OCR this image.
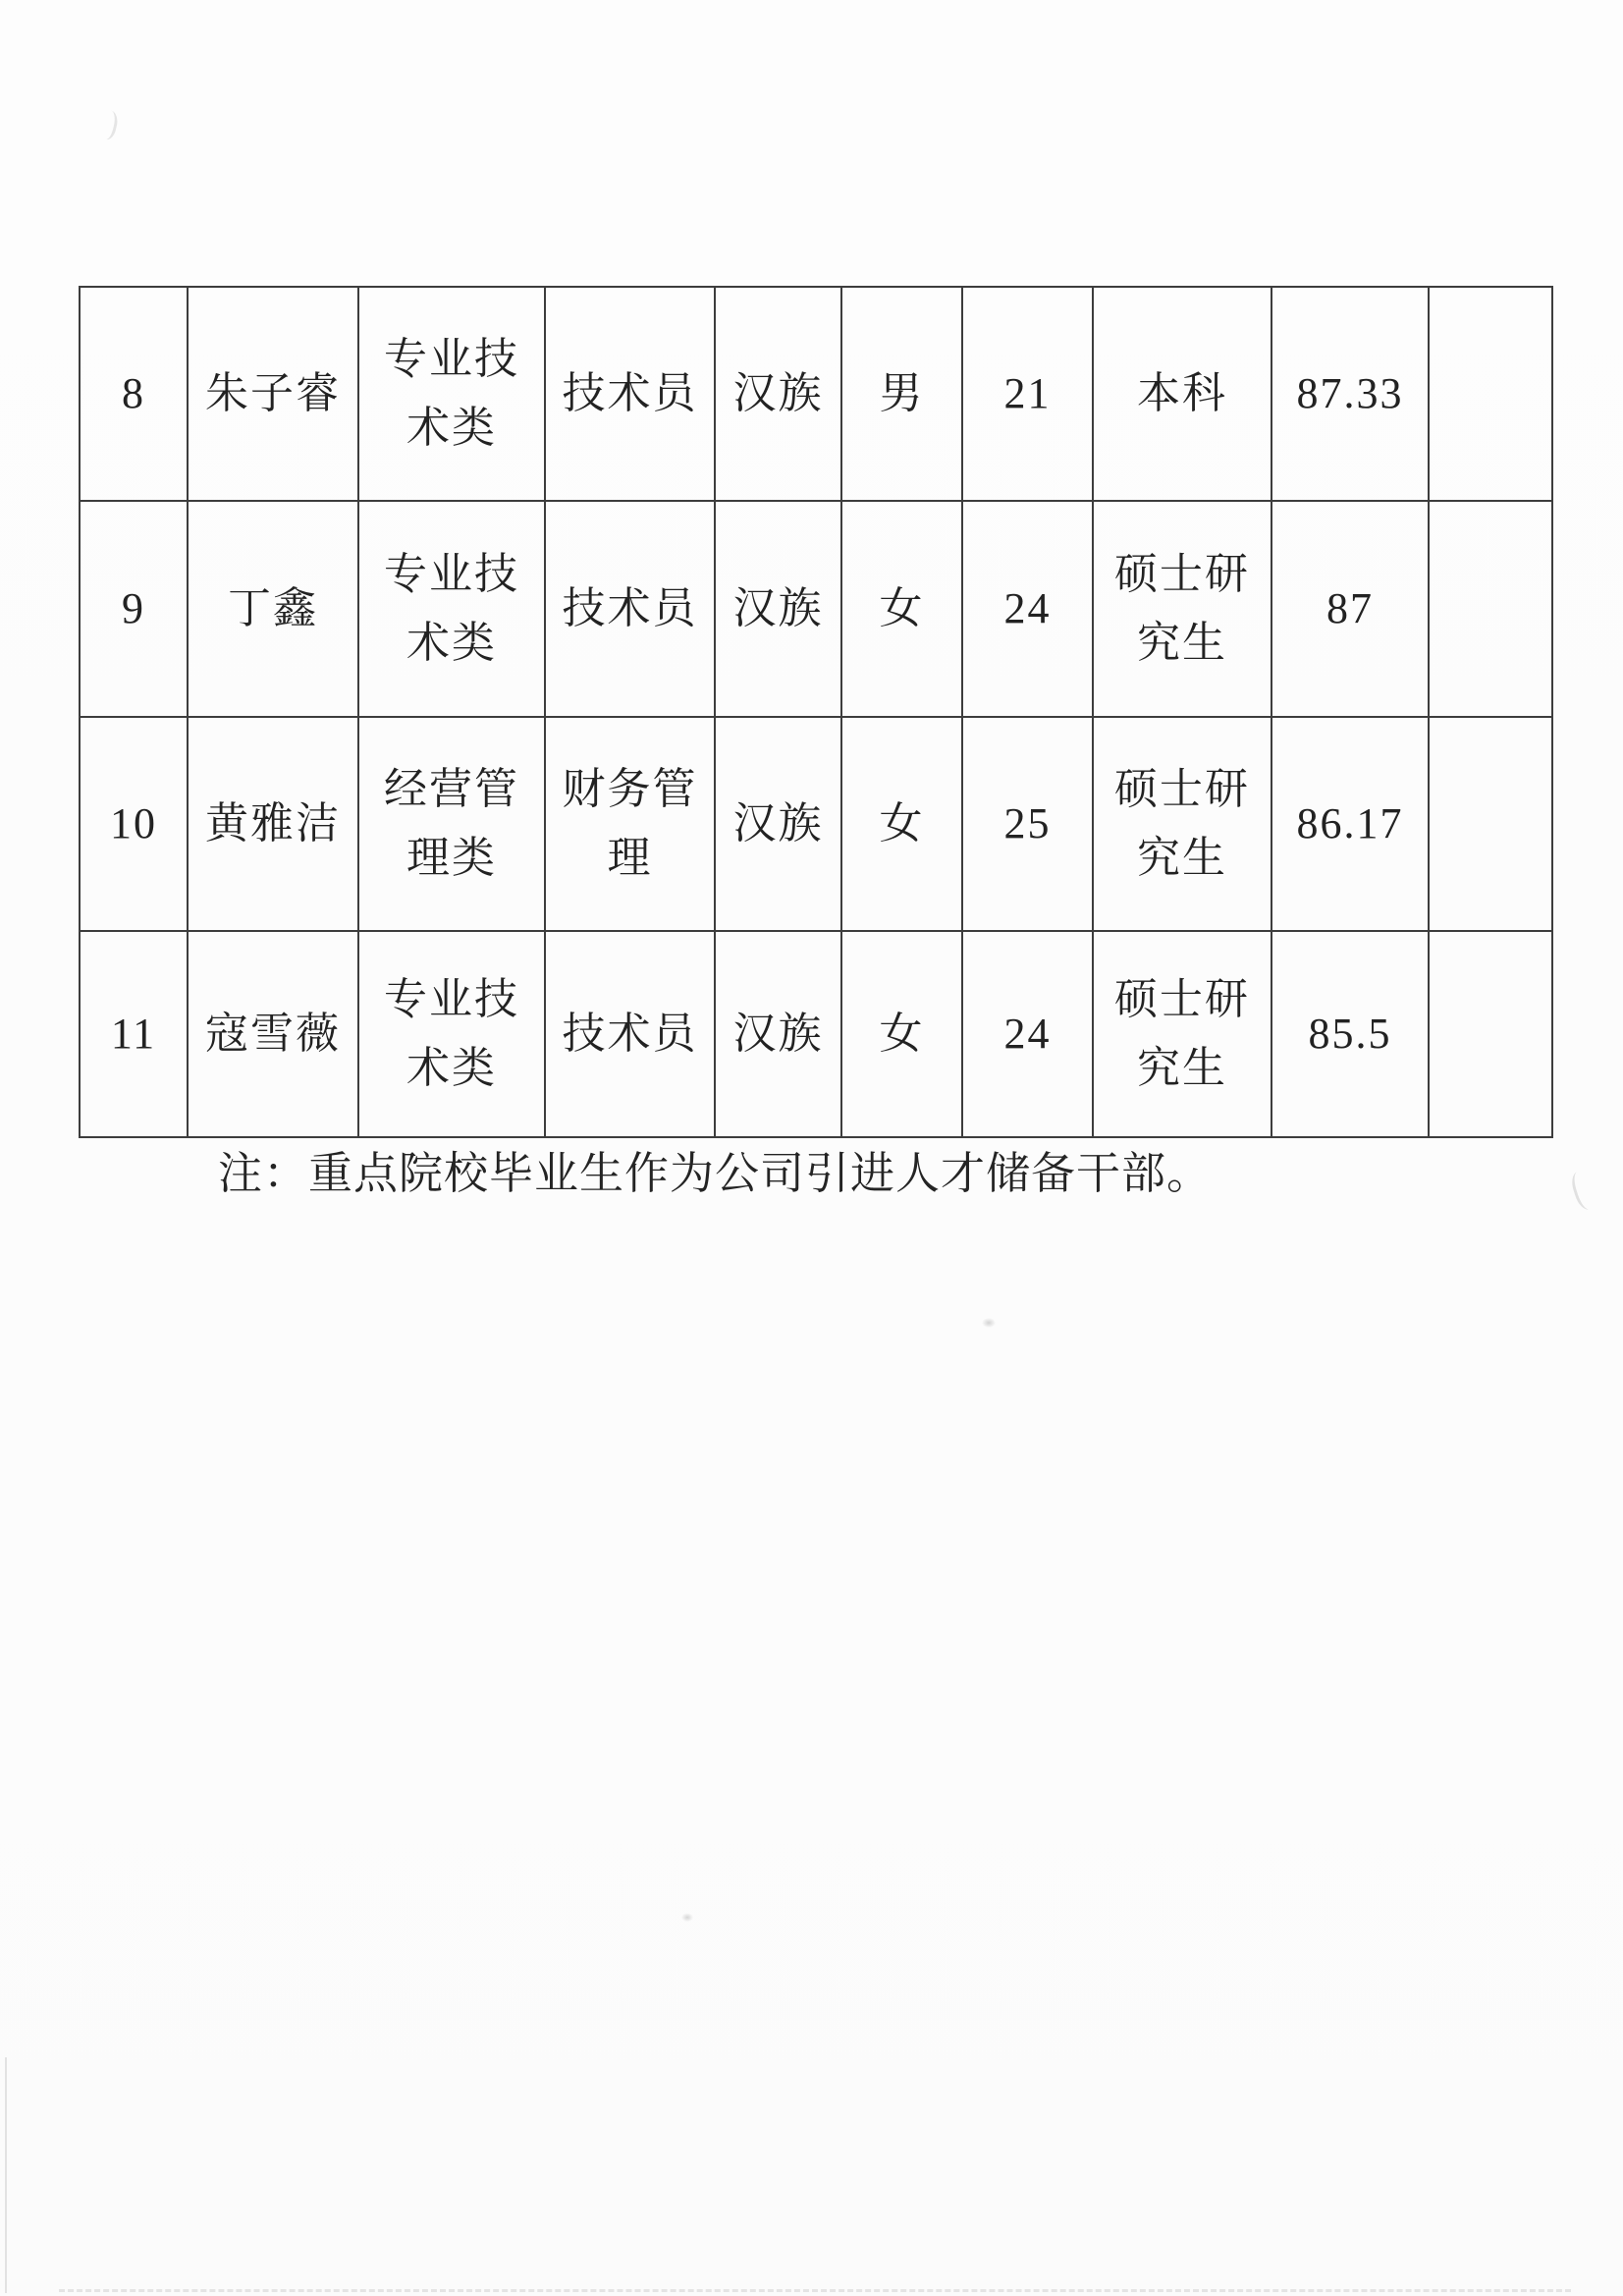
8	朱子睿	专业技术类	技术员	汉族	男	21	本科	87.33	
9	丁鑫	专业技术类	技术员	汉族	女	24	硕士研究生	87	
10	黄雅洁	经营管理类	财务管理	汉族	女	25	硕士研究生	86.17	
11	寇雪薇	专业技术类	技术员	汉族	女	24	硕士研究生	85.5	
注：重点院校毕业生作为公司引进人才储备干部。
